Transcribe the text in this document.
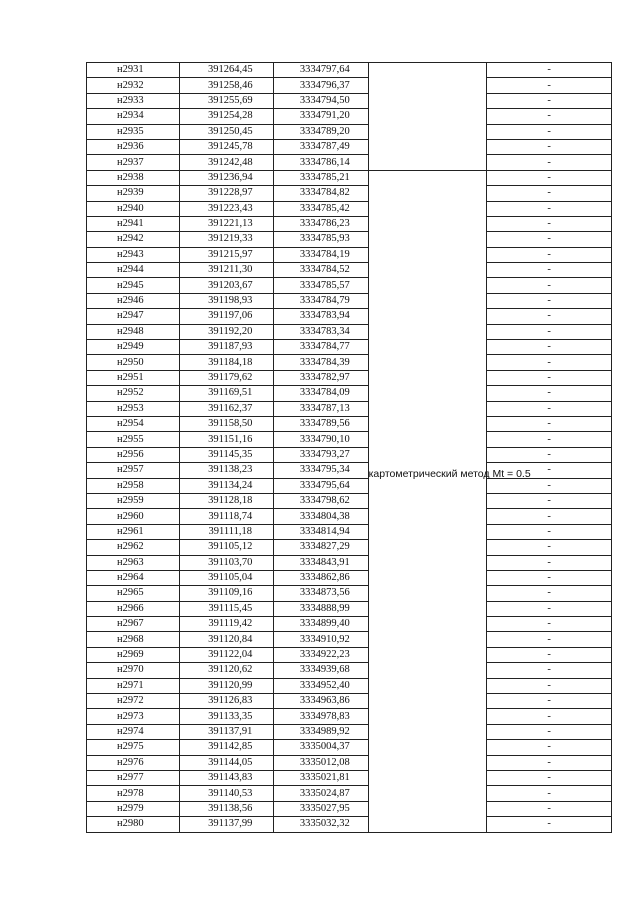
н2931	391264,45	3334797,64		-
н2932	391258,46	3334796,37		-
н2933	391255,69	3334794,50		-
н2934	391254,28	3334791,20		-
н2935	391250,45	3334789,20		-
н2936	391245,78	3334787,49		-
н2937	391242,48	3334786,14		-
н2938	391236,94	3334785,21	картометрический метод Mt = 0.5	-
н2939	391228,97	3334784,82		-
н2940	391223,43	3334785,42		-
н2941	391221,13	3334786,23		-
н2942	391219,33	3334785,93		-
н2943	391215,97	3334784,19		-
н2944	391211,30	3334784,52		-
н2945	391203,67	3334785,57		-
н2946	391198,93	3334784,79		-
н2947	391197,06	3334783,94		-
н2948	391192,20	3334783,34		-
н2949	391187,93	3334784,77		-
н2950	391184,18	3334784,39		-
н2951	391179,62	3334782,97		-
н2952	391169,51	3334784,09		-
н2953	391162,37	3334787,13		-
н2954	391158,50	3334789,56		-
н2955	391151,16	3334790,10		-
н2956	391145,35	3334793,27		-
н2957	391138,23	3334795,34		-
н2958	391134,24	3334795,64		-
н2959	391128,18	3334798,62		-
н2960	391118,74	3334804,38		-
н2961	391111,18	3334814,94		-
н2962	391105,12	3334827,29		-
н2963	391103,70	3334843,91		-
н2964	391105,04	3334862,86		-
н2965	391109,16	3334873,56		-
н2966	391115,45	3334888,99		-
н2967	391119,42	3334899,40		-
н2968	391120,84	3334910,92		-
н2969	391122,04	3334922,23		-
н2970	391120,62	3334939,68		-
н2971	391120,99	3334952,40		-
н2972	391126,83	3334963,86		-
н2973	391133,35	3334978,83		-
н2974	391137,91	3334989,92		-
н2975	391142,85	3335004,37		-
н2976	391144,05	3335012,08		-
н2977	391143,83	3335021,81		-
н2978	391140,53	3335024,87		-
н2979	391138,56	3335027,95		-
н2980	391137,99	3335032,32		-
